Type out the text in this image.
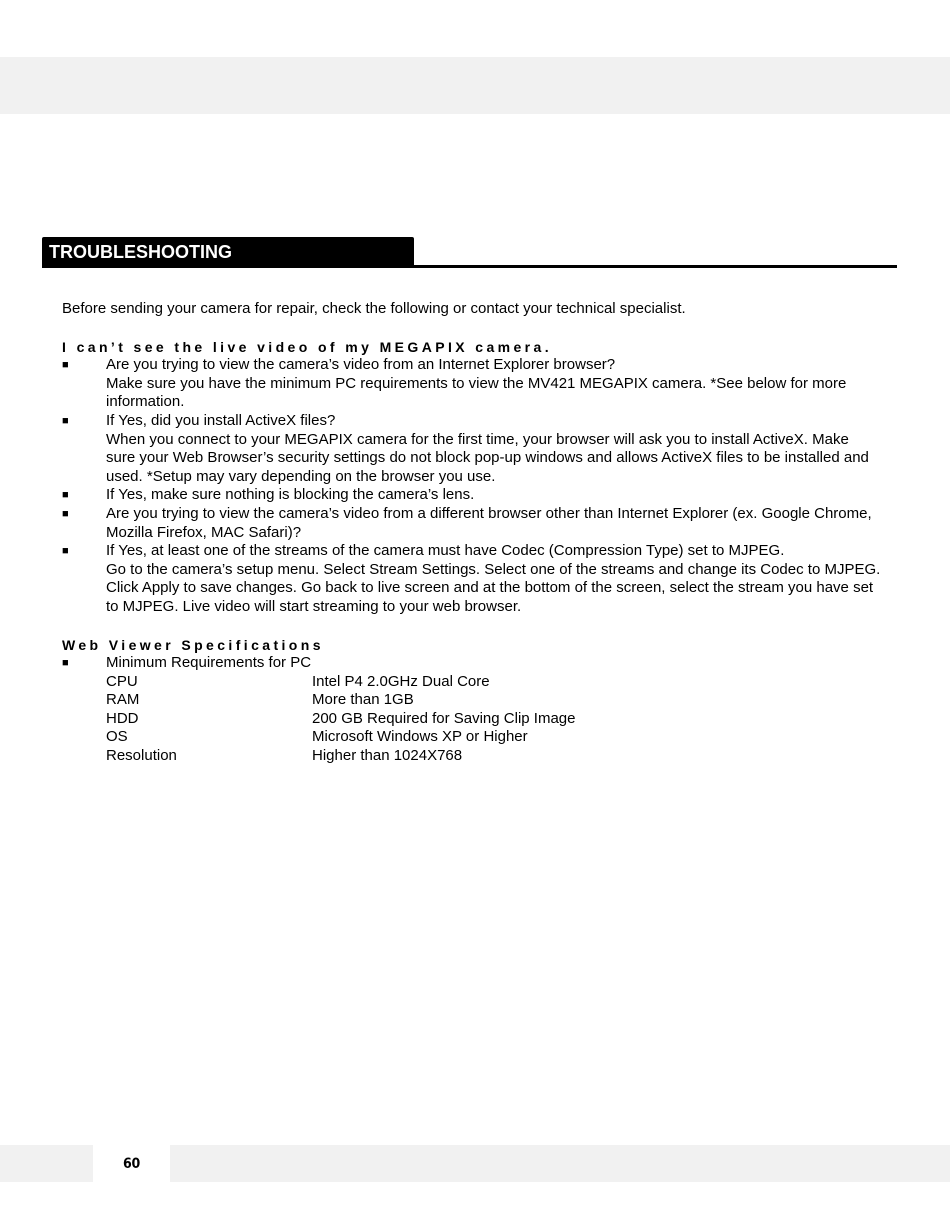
TROUBLESHOOTING

Before sending your camera for repair, check the following or contact your technical specialist.

I can’t see the live video of my MEGAPIX camera.

■	Are you trying to view the camera’s video from an Internet Explorer browser?
Make sure you have the minimum PC requirements to view the MV421 MEGAPIX camera. *See below for more information.
■	If Yes, did you install ActiveX files?
When you connect to your MEGAPIX camera for the first time, your browser will ask you to install ActiveX. Make sure your Web Browser’s security settings do not block pop-up windows and allows ActiveX files to be installed and used. *Setup may vary depending on the browser you use.
■	If Yes, make sure nothing is blocking the camera’s lens.
■	Are you trying to view the camera’s video from a different browser other than Internet Explorer (ex. Google Chrome, Mozilla Firefox, MAC Safari)?
■	If Yes, at least one of the streams of the camera must have Codec (Compression Type) set to MJPEG.
Go to the camera’s setup menu. Select Stream Settings. Select one of the streams and change its Codec to MJPEG. Click Apply to save changes. Go back to live screen and at the bottom of the screen, select the stream you have set to MJPEG. Live video will start streaming to your web browser.

Web Viewer Specifications

■	Minimum Requirements for PC
CPU	Intel P4 2.0GHz Dual Core
RAM	More than 1GB
HDD	200 GB Required for Saving Clip Image
OS	Microsoft Windows XP or Higher
Resolution	Higher than 1024X768
60
